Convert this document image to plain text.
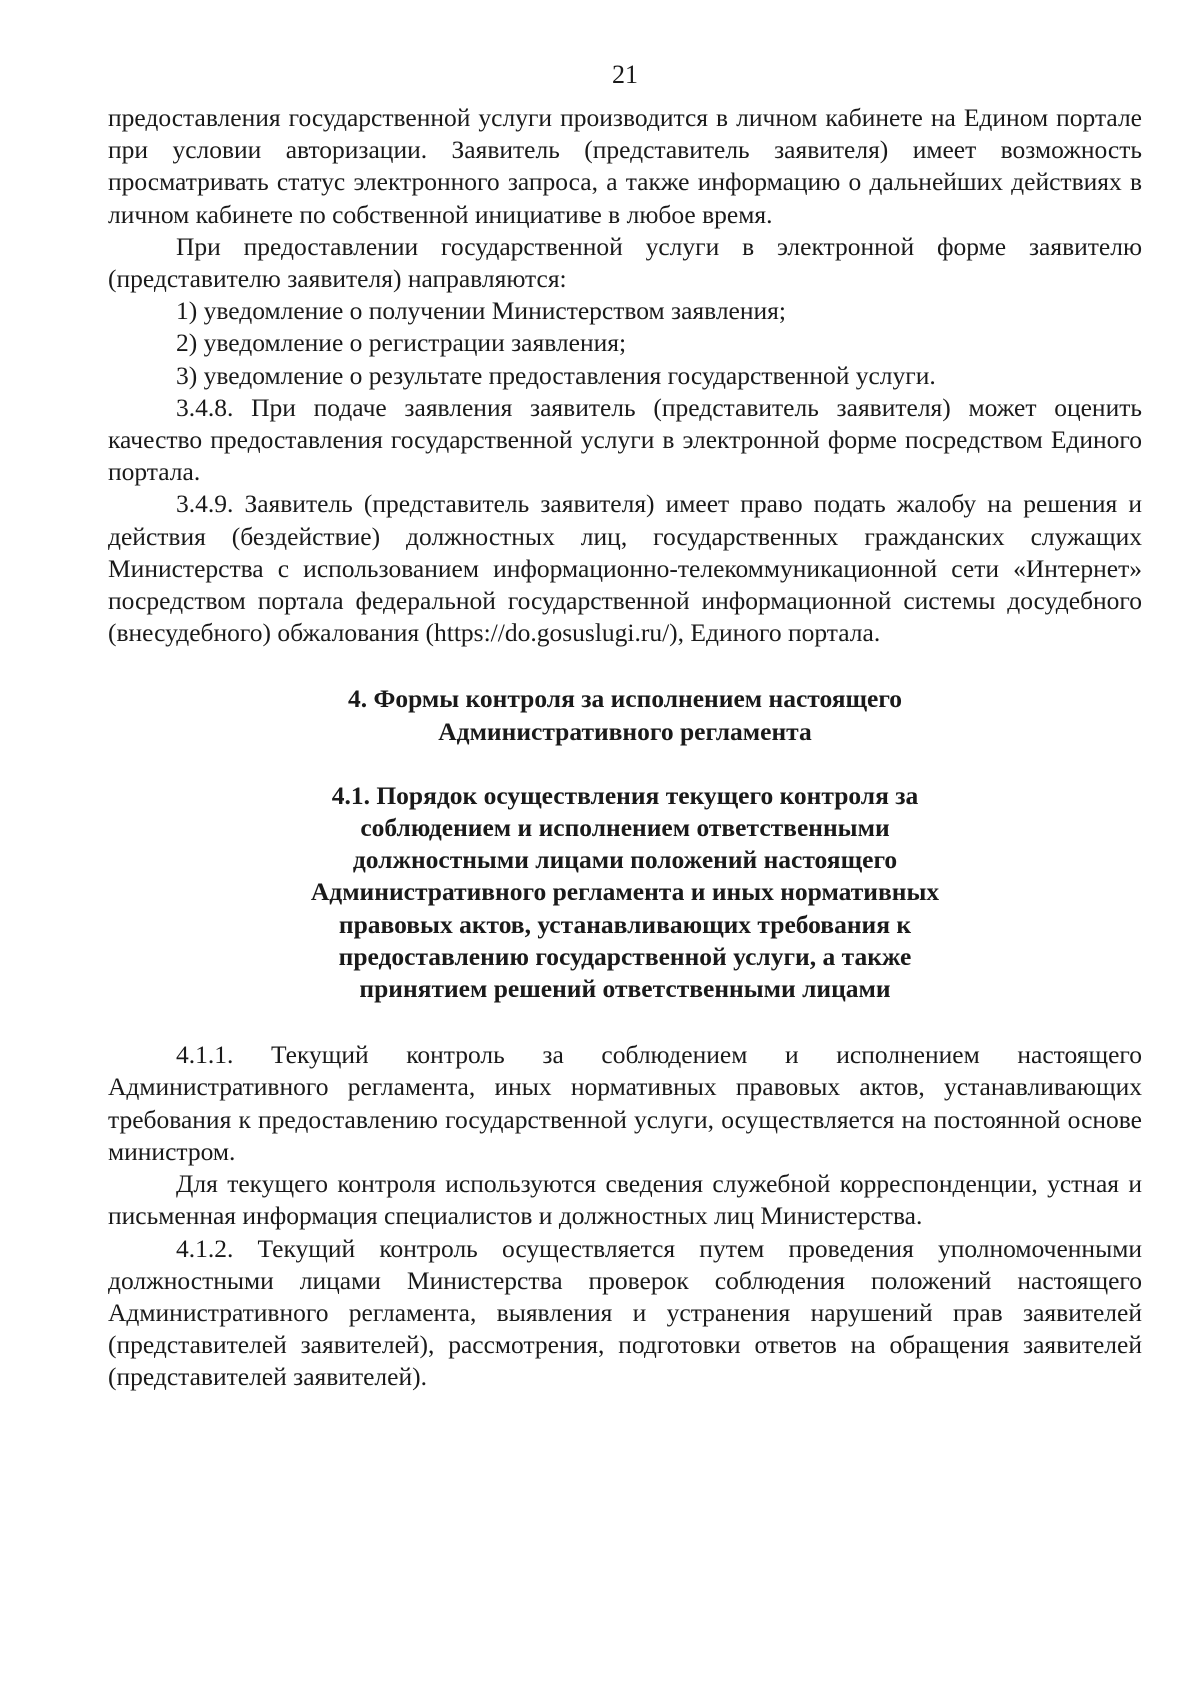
21

предоставления государственной услуги производится в личном кабинете на Едином портале при условии авторизации. Заявитель (представитель заявителя) имеет возможность просматривать статус электронного запроса, а также информацию о дальнейших действиях в личном кабинете по собственной инициативе в любое время.

При предоставлении государственной услуги в электронной форме заявителю (представителю заявителя) направляются:

1) уведомление о получении Министерством заявления;

2) уведомление о регистрации заявления;

3) уведомление о результате предоставления государственной услуги.

3.4.8. При подаче заявления заявитель (представитель заявителя) может оценить качество предоставления государственной услуги в электронной форме посредством Единого портала.

3.4.9. Заявитель (представитель заявителя) имеет право подать жалобу на решения и действия (бездействие) должностных лиц, государственных гражданских служащих Министерства с использованием информационно-телекоммуникационной сети «Интернет» посредством портала федеральной государственной информационной системы досудебного (внесудебного) обжалования (https://do.gosuslugi.ru/), Единого портала.

4. Формы контроля за исполнением настоящего
Административного регламента
4.1. Порядок осуществления текущего контроля за
соблюдением и исполнением ответственными
должностными лицами положений настоящего
Административного регламента и иных нормативных
правовых актов, устанавливающих требования к
предоставлению государственной услуги, а также
принятием решений ответственными лицами

4.1.1. Текущий контроль за соблюдением и исполнением настоящего Административного регламента, иных нормативных правовых актов, устанавливающих требования к предоставлению государственной услуги, осуществляется на постоянной основе министром.

Для текущего контроля используются сведения служебной корреспонденции, устная и письменная информация специалистов и должностных лиц Министерства.

4.1.2. Текущий контроль осуществляется путем проведения уполномоченными должностными лицами Министерства проверок соблюдения положений настоящего Административного регламента, выявления и устранения нарушений прав заявителей (представителей заявителей), рассмотрения, подготовки ответов на обращения заявителей (представителей заявителей).
